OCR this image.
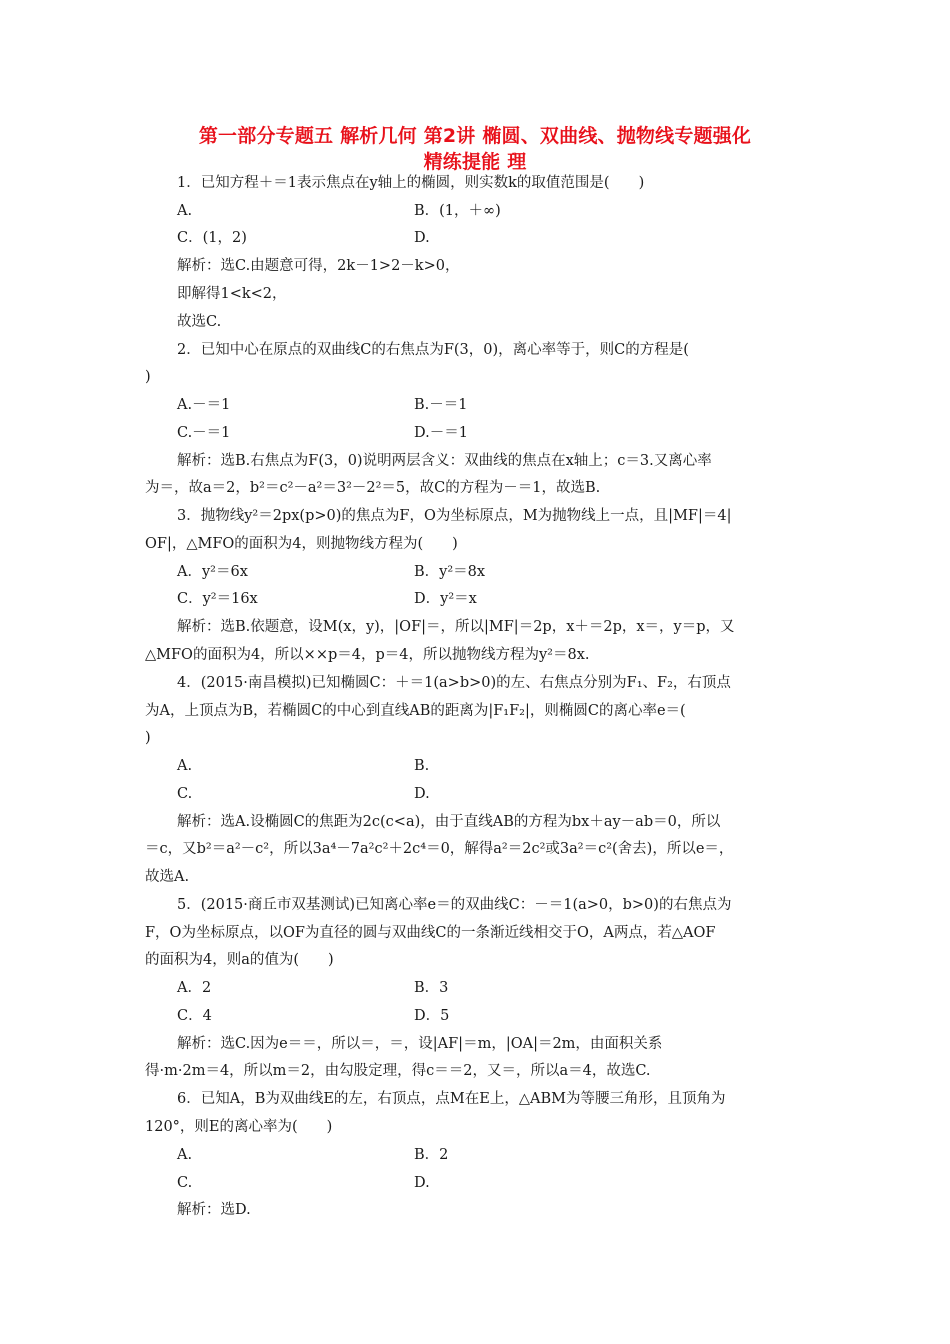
第一部分专题五 解析几何 第2讲 椭圆、双曲线、抛物线专题强化
精练提能 理
1．已知方程＋＝1表示焦点在y轴上的椭圆，则实数k的取值范围是(　　)
A.	B．(1，＋∞)
C．(1，2)	D.
解析：选C.由题意可得，2k－1>2－k>0，
即解得1<k<2，
故选C.
2．已知中心在原点的双曲线C的右焦点为F(3，0)，离心率等于，则C的方程是(
)
A.－＝1	B.－＝1
C.－＝1	D.－＝1
解析：选B.右焦点为F(3，0)说明两层含义：双曲线的焦点在x轴上；c＝3.又离心率
为＝，故a＝2，b²＝c²－a²＝3²－2²＝5，故C的方程为－＝1，故选B.
3．抛物线y²＝2px(p>0)的焦点为F，O为坐标原点，M为抛物线上一点，且|MF|＝4|
OF|，△MFO的面积为4，则抛物线方程为(　　)
A．y²＝6x	B．y²＝8x
C．y²＝16x	D．y²＝x
解析：选B.依题意，设M(x，y)，|OF|＝，所以|MF|＝2p，x＋＝2p，x＝，y＝p，又
△MFO的面积为4，所以××p＝4，p＝4，所以抛物线方程为y²＝8x.
4．(2015·南昌模拟)已知椭圆C：＋＝1(a>b>0)的左、右焦点分别为F₁、F₂，右顶点
为A，上顶点为B，若椭圆C的中心到直线AB的距离为|F₁F₂|，则椭圆C的离心率e＝(
)
A.	B.
C.	D.
解析：选A.设椭圆C的焦距为2c(c<a)，由于直线AB的方程为bx＋ay－ab＝0，所以
＝c，又b²＝a²－c²，所以3a⁴－7a²c²＋2c⁴＝0，解得a²＝2c²或3a²＝c²(舍去)，所以e＝，
故选A.
5．(2015·商丘市双基测试)已知离心率e＝的双曲线C：－＝1(a>0，b>0)的右焦点为
F，O为坐标原点，以OF为直径的圆与双曲线C的一条渐近线相交于O，A两点，若△AOF
的面积为4，则a的值为(　　)
A．2	B．3
C．4	D．5
解析：选C.因为e＝＝，所以＝，＝，设|AF|＝m，|OA|＝2m，由面积关系
得·m·2m＝4，所以m＝2，由勾股定理，得c＝＝2，又＝，所以a＝4，故选C.
6．已知A，B为双曲线E的左，右顶点，点M在E上，△ABM为等腰三角形，且顶角为
120°，则E的离心率为(　　)
A.	B．2
C.	D.
解析：选D.
